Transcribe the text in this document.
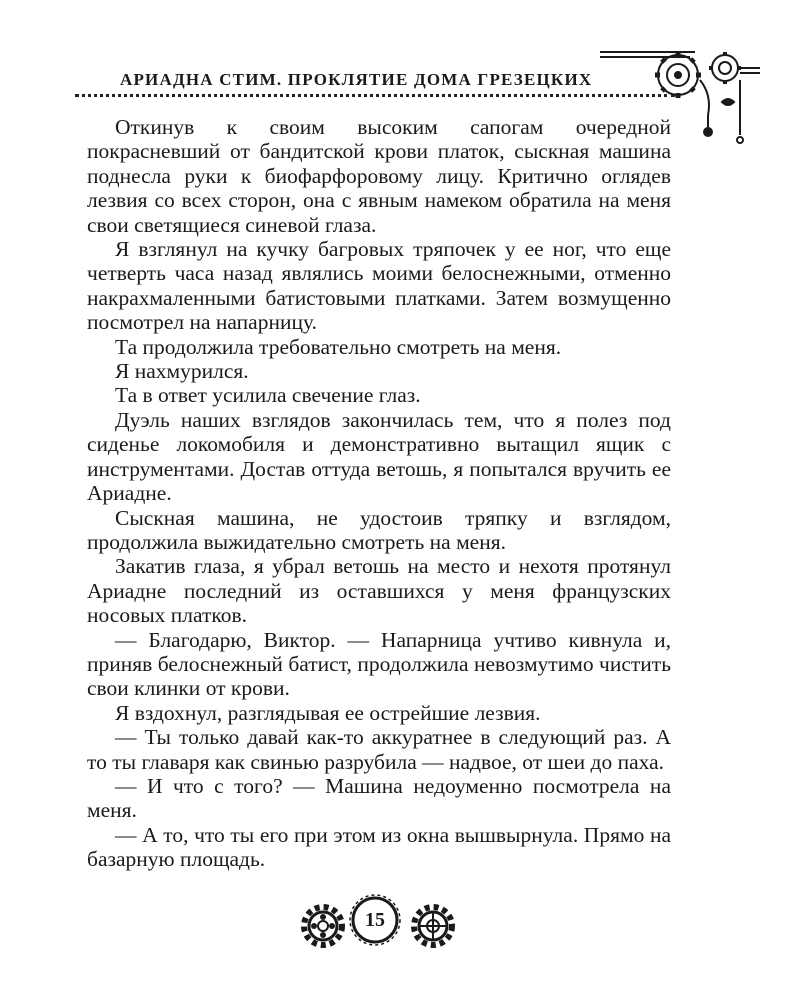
АРИАДНА СТИМ. ПРОКЛЯТИЕ ДОМА ГРЕЗЕЦКИХ

Откинув к своим высоким сапогам очередной покрасневший от бандитской крови платок, сыскная машина поднесла руки к биофарфоровому лицу. Критично оглядев лезвия со всех сторон, она с явным намеком обратила на меня свои светящиеся синевой глаза.

Я взглянул на кучку багровых тряпочек у ее ног, что еще четверть часа назад являлись моими белоснежными, отменно накрахмаленными батистовыми платками. Затем возмущенно посмотрел на напарницу.

Та продолжила требовательно смотреть на меня.

Я нахмурился.

Та в ответ усилила свечение глаз.

Дуэль наших взглядов закончилась тем, что я полез под сиденье локомобиля и демонстративно вытащил ящик с инструментами. Достав оттуда ветошь, я попытался вручить ее Ариадне.

Сыскная машина, не удостоив тряпку и взглядом, продолжила выжидательно смотреть на меня.

Закатив глаза, я убрал ветошь на место и нехотя протянул Ариадне последний из оставшихся у меня французских носовых платков.

— Благодарю, Виктор. — Напарница учтиво кивнула и, приняв белоснежный батист, продолжила невозмутимо чистить свои клинки от крови.

Я вздохнул, разглядывая ее острейшие лезвия.

— Ты только давай как-то аккуратнее в следующий раз. А то ты главаря как свинью разрубила — надвое, от шеи до паха.

— И что с того? — Машина недоуменно посмотрела на меня.

— А то, что ты его при этом из окна вышвырнула. Прямо на базарную площадь.

15
